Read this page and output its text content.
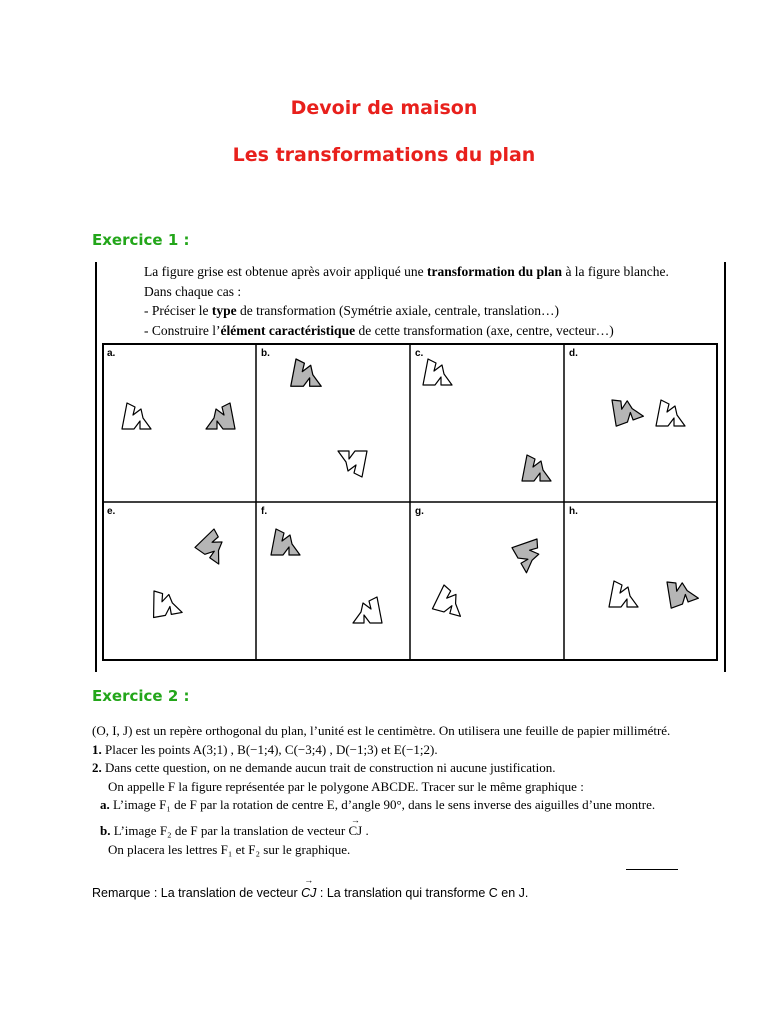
Devoir de maison
Les transformations du plan
Exercice 1 :
La figure grise est obtenue après avoir appliqué une transformation du plan à la figure blanche.
Dans chaque cas :
- Préciser le type de transformation (Symétrie axiale, centrale, translation…)
- Construire l’élément caractéristique de cette transformation (axe, centre, vecteur…)
a.	b.	c.	d.
e.	f.	g.	h.
Exercice 2 :
(O, I, J) est un repère orthogonal du plan, l’unité est le centimètre. On utilisera une feuille de papier millimétré.
1. Placer les points A(3;1) , B(−1;4), C(−3;4) , D(−1;3) et E(−1;2).
2. Dans cette question, on ne demande aucun trait de construction ni aucune justification.
On appelle F la figure représentée par le polygone ABCDE. Tracer sur le même graphique :
a. L’image F₁ de F par la rotation de centre E, d’angle 90°, dans le sens inverse des aiguilles d’une montre.
b. L’image F₂ de F par la translation de vecteur → CJ .
On placera les lettres F₁ et F₂ sur le graphique.
Remarque : La translation de vecteur → CJ : La translation qui transforme C en J.
